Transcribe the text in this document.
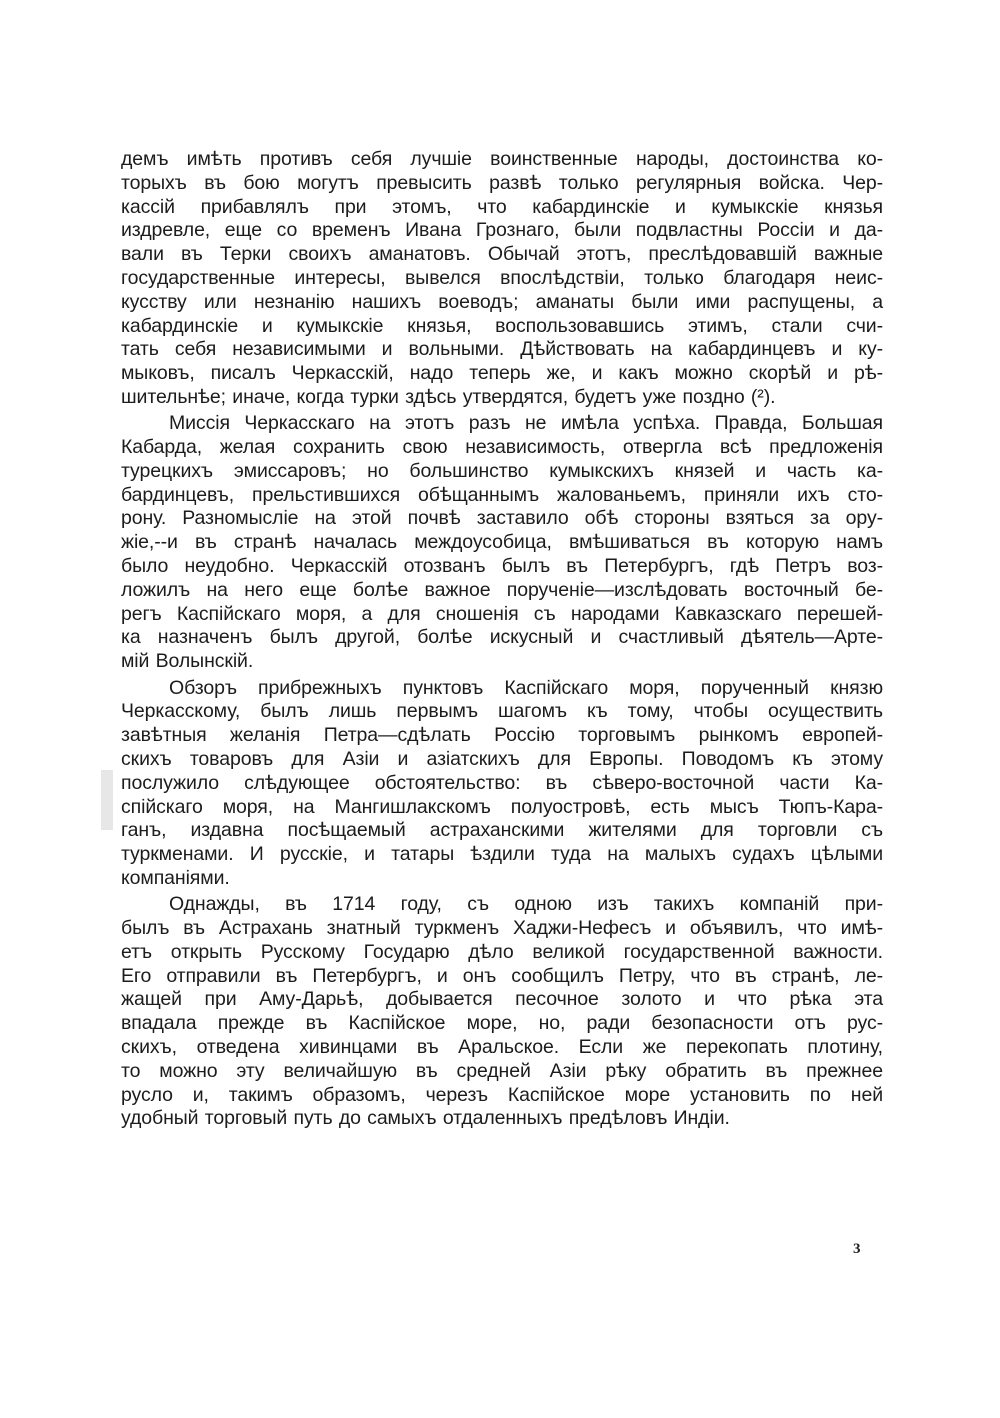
демъ имѣть противъ себя лучшіе воинственные народы, достоинства ко-
торыхъ въ бою могутъ превысить развѣ только регулярныя войска. Чер-
кассій прибавлялъ при этомъ, что кабардинскіе и кумыкскіе князья
издревле, еще со временъ Ивана Грознаго, были подвластны Россіи и да-
вали въ Терки своихъ аманатовъ. Обычай этотъ, преслѣдовавшій важные
государственные интересы, вывелся впослѣдствіи, только благодаря неис-
кусству или незнанію нашихъ воеводъ; аманаты были ими распущены, а
кабардинскіе и кумыкскіе князья, воспользовавшись этимъ, стали счи-
тать себя независимыми и вольными. Дѣйствовать на кабардинцевъ и ку-
мыковъ, писалъ Черкасскій, надо теперь же, и какъ можно скорѣй и рѣ-
шительнѣе; иначе, когда турки здѣсь утвердятся, будетъ уже поздно (²).
Миссія Черкасскаго на этотъ разъ не имѣла успѣха. Правда, Большая
Кабарда, желая сохранить свою независимость, отвергла всѣ предложенія
турецкихъ эмиссаровъ; но большинство кумыкскихъ князей и часть ка-
бардинцевъ, прельстившихся обѣщаннымъ жалованьемъ, приняли ихъ сто-
рону. Разномысліе на этой почвѣ заставило обѣ стороны взяться за ору-
жіе,--и въ странѣ началась междоусобица, вмѣшиваться въ которую намъ
было неудобно. Черкасскій отозванъ былъ въ Петербургъ, гдѣ Петръ воз-
ложилъ на него еще болѣе важное порученіе—изслѣдовать восточный бе-
регъ Каспійскаго моря, а для сношенія съ народами Кавказскаго перешей-
ка назначенъ былъ другой, болѣе искусный и счастливый дѣятель—Арте-
мій Волынскій.
Обзоръ прибрежныхъ пунктовъ Каспійскаго моря, порученный князю
Черкасскому, былъ лишь первымъ шагомъ къ тому, чтобы осуществить
завѣтныя желанія Петра—сдѣлать Россію торговымъ рынкомъ европей-
скихъ товаровъ для Азіи и азіатскихъ для Европы. Поводомъ къ этому
послужило слѣдующее обстоятельство: въ сѣверо-восточной части Ка-
спійскаго моря, на Мангишлакскомъ полуостровѣ, есть мысъ Тюпъ-Кара-
ганъ, издавна посѣщаемый астраханскими жителями для торговли съ
туркменами. И русскіе, и татары ѣздили туда на малыхъ судахъ цѣлыми
компаніями.
Однажды, въ 1714 году, съ одною изъ такихъ компаній при-
былъ въ Астрахань знатный туркменъ Хаджи-Нефесъ и объявилъ, что имѣ-
етъ открыть Русскому Государю дѣло великой государственной важности.
Его отправили въ Петербургъ, и онъ сообщилъ Петру, что въ странѣ, ле-
жащей при Аму-Дарьѣ, добывается песочное золото и что рѣка эта
впадала прежде въ Каспійское море, но, ради безопасности отъ рус-
скихъ, отведена хивинцами въ Аральское. Если же перекопать плотину,
то можно эту величайшую въ средней Азіи рѣку обратить въ прежнее
русло и, такимъ образомъ, черезъ Каспійское море установить по ней
удобный торговый путь до самыхъ отдаленныхъ предѣловъ Индіи.
3
